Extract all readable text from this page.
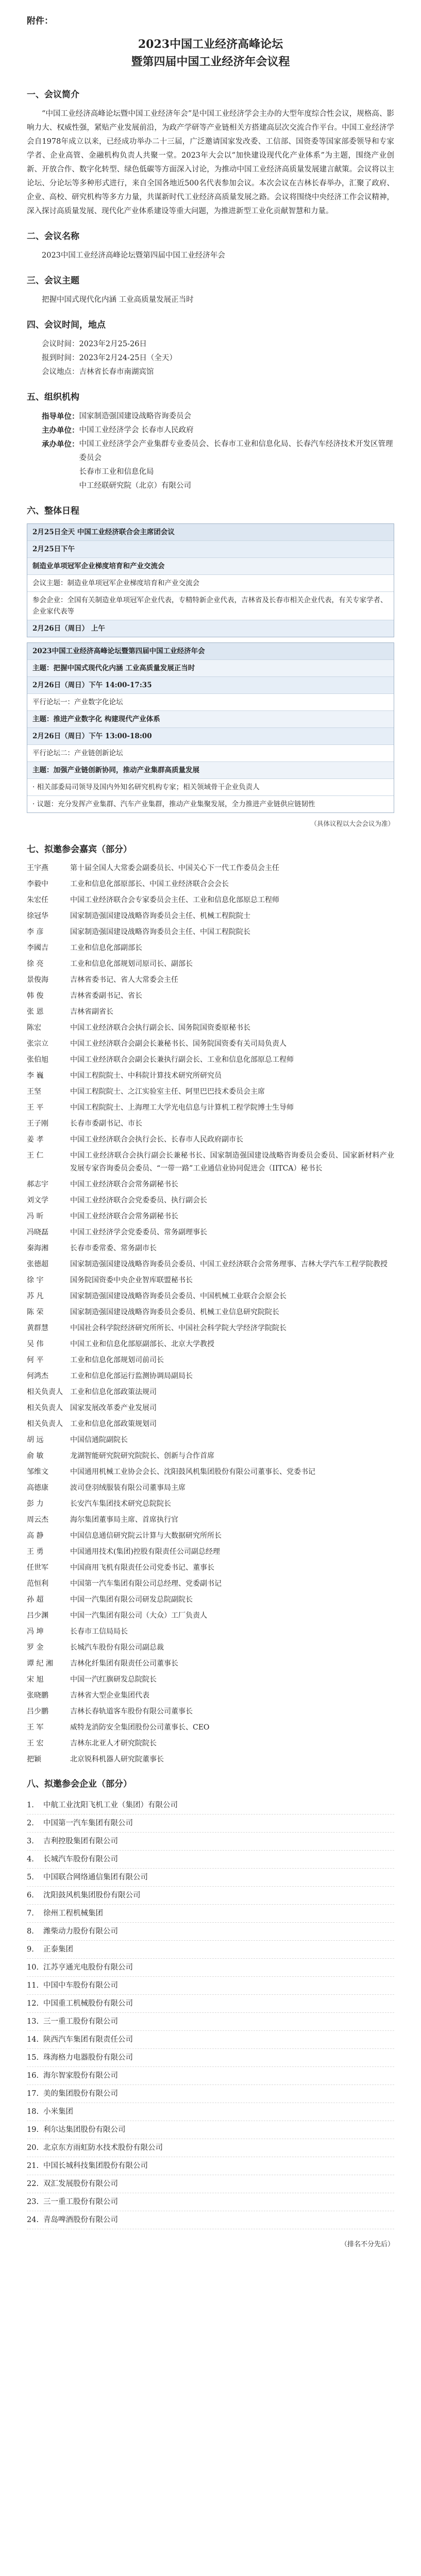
附件：

2023中国工业经济高峰论坛
暨第四届中国工业经济年会议程
一、会议简介

“中国工业经济高峰论坛暨中国工业经济年会”是中国工业经济学会主办的大型年度综合性会议，规格高、影响力大、权威性强，紧贴产业发展前沿，为政产学研等产业链相关方搭建高层次交流合作平台。中国工业经济学会自1978年成立以来，已经成功举办二十三届，广泛邀请国家发改委、工信部、国资委等国家部委领导和专家学者、企业高管、金融机构负责人共聚一堂。2023年大会以“加快建设现代化产业体系”为主题，围绕产业创新、开放合作、数字化转型、绿色低碳等方面深入讨论，为推动中国工业经济高质量发展建言献策。会议将以主论坛、分论坛等多种形式进行，来自全国各地近500名代表参加会议。本次会议在吉林长春举办，汇聚了政府、企业、高校、研究机构等多方力量，共谋新时代工业经济高质量发展之路。会议将围绕中央经济工作会议精神，深入探讨高质量发展、现代化产业体系建设等重大问题，为推进新型工业化贡献智慧和力量。

二、会议名称

2023中国工业经济高峰论坛暨第四届中国工业经济年会

三、会议主题

把握中国式现代化内涵 工业高质量发展正当时

四、会议时间，地点

会议时间：2023年2月25-26日

报到时间：2023年2月24-25日（全天）

会议地点：吉林省长春市南湖宾馆

五、组织机构
指导单位： 国家制造强国建设战略咨询委员会
主办单位： 中国工业经济学会 长春市人民政府
承办单位： 中国工业经济学会产业集群专业委员会、长春市工业和信息化局、长春汽车经济技术开发区管理委员会
长春市工业和信息化局
中工经联研究院（北京）有限公司
六、整体日程
2月25日全天 中国工业经济联合会主席团会议
2月25日下午
制造业单项冠军企业梯度培育和产业交流会
会议主题：制造业单项冠军企业梯度培育和产业交流会
参会企业：全国有关制造业单项冠军企业代表，专精特新企业代表，吉林省及长春市相关企业代表，有关专家学者、企业家代表等
2月26日（周日） 上午
2023中国工业经济高峰论坛暨第四届中国工业经济年会
主题：把握中国式现代化内涵 工业高质量发展正当时
2月26日（周日）下午 14:00-17:35
平行论坛一：产业数字化论坛
主题：推进产业数字化 构建现代产业体系
2月26日（周日）下午 13:00-18:00
平行论坛二：产业链创新论坛
主题：加强产业链创新协同，推动产业集群高质量发展
· 相关部委局司领导及国内外知名研究机构专家；相关领域骨干企业负责人
· 议题：充分发挥产业集群、汽车产业集群，推动产业集聚发展，全力推进产业链供应链韧性

（具体议程以大会会议为准）

七、拟邀参会嘉宾（部分）
王宇燕	第十届全国人大常委会副委员长、中国关心下一代工作委员会主任
李毅中	工业和信息化部原部长、中国工业经济联合会会长
朱宏任	中国工业经济联合会专家委员会主任、工业和信息化部原总工程师
徐冠华	国家制造强国建设战略咨询委员会主任、机械工程院院士
李 彦	国家制造强国建设战略咨询委员会主任、中国工程院院长
李國吉	工业和信息化部副部长
徐 亮	工业和信息化部规划司原司长、副部长
景俊海	吉林省委书记、省人大常委会主任
韩 俊	吉林省委副书记、省长
张 恩	吉林省副省长
陈宏	中国工业经济联合会执行副会长、国务院国资委原秘书长
张宗立	中国工业经济联合会副会长兼秘书长、国务院国资委有关司局负责人
张伯旭	中国工业经济联合会副会长兼执行副会长、工业和信息化部原总工程师
李 巍	中国工程院院士、中科院计算技术研究所研究员
王坚	中国工程院院士、之江实验室主任、阿里巴巴技术委员会主席
王 平	中国工程院院士、上海理工大学光电信息与计算机工程学院博士生导师
王子刚	长春市委副书记、市长
姜 孝	中国工业经济联合会执行会长、长春市人民政府副市长
王 仁	中国工业经济联合会执行副会长兼秘书长、国家制造强国建设战略咨询委员会委员、国家新材料产业发展专家咨询委员会委员、“一带一路”工业通信业协同促进会（IITCA）秘书长
郝志宇	中国工业经济联合会常务副秘书长
刘文学	中国工业经济联合会党委委员、执行副会长
冯 昕	中国工业经济联合会常务副秘书长
冯晓磊	中国工业经济学会党委委员、常务副理事长
秦海湘	长春市委常委、常务副市长
张德超	国家制造强国建设战略咨询委员会委员、中国工业经济联合会常务理事、吉林大学汽车工程学院教授
徐 宇	国务院国资委中央企业智库联盟秘书长
苏 凡	国家制造强国建设战略咨询委员会委员、中国机械工业联合会原会长
陈 荣	国家制造强国建设战略咨询委员会委员、机械工业信息研究院院长
黄群慧	中国社会科学院经济研究所所长、中国社会科学院大学经济学院院长
吴 伟	中国工业和信息化部原副部长、北京大学教授
何 平	工业和信息化部规划司前司长
何鸿杰	工业和信息化部运行监测协调局副局长
相关负责人	工业和信息化部政策法规司
相关负责人	国家发展改革委产业发展司
相关负责人	工业和信息化部政策规划司
胡 远	中国信通院副院长
俞 敏	龙湖智能研究院研究院院长、创新与合作首席
邹维文	中国通用机械工业协会会长、沈阳鼓风机集团股份有限公司董事长、党委书记
高德康	波司登羽绒服装有限公司董事局主席
彭 力	长安汽车集团技术研究总院院长
周云杰	海尔集团董事局主席、首席执行官
高 静	中国信息通信研究院云计算与大数据研究所所长
王 勇	中国通用技术(集团)控股有限责任公司副总经理
任世军	中国商用飞机有限责任公司党委书记、董事长
范恒利	中国第一汽车集团有限公司总经理、党委副书记
孙 超	中国一汽集团有限公司研发总院副院长
吕少渊	中国一汽集团有限公司（大众）工厂负责人
冯 坤	长春市工信局局长
罗 金	长城汽车股份有限公司副总裁
谭 纪 湘	吉林化纤集团有限责任公司董事长
宋 旭	中国一汽红旗研发总院院长
张晓鹏	吉林省大型企业集团代表
吕少鹏	吉林长春轨道客车股份有限公司董事长
王 军	威特龙消防安全集团股份公司董事长、CEO
王 宏	吉林东北亚人才研究院院长
把颖	北京锐科机器人研究院董事长
八、拟邀参会企业（部分）
1. 中航工业沈阳飞机工业（集团）有限公司
2. 中国第一汽车集团有限公司
3. 吉利控股集团有限公司
4. 长城汽车股份有限公司
5. 中国联合网络通信集团有限公司
6. 沈阳鼓风机集团股份有限公司
7. 徐州工程机械集团
8. 潍柴动力股份有限公司
9. 正泰集团
10. 江苏亨通光电股份有限公司
11. 中国中车股份有限公司
12. 中国重工机械股份有限公司
13. 三一重工股份有限公司
14. 陕西汽车集团有限责任公司
15. 珠海格力电器股份有限公司
16. 海尔智家股份有限公司
17. 美的集团股份有限公司
18. 小米集团
19. 利尔达集团股份有限公司
20. 北京东方雨虹防水技术股份有限公司
21. 中国长城科技集团股份有限公司
22. 双汇发展股份有限公司
23. 三一重工股份有限公司
24. 青岛啤酒股份有限公司

（排名不分先后）
